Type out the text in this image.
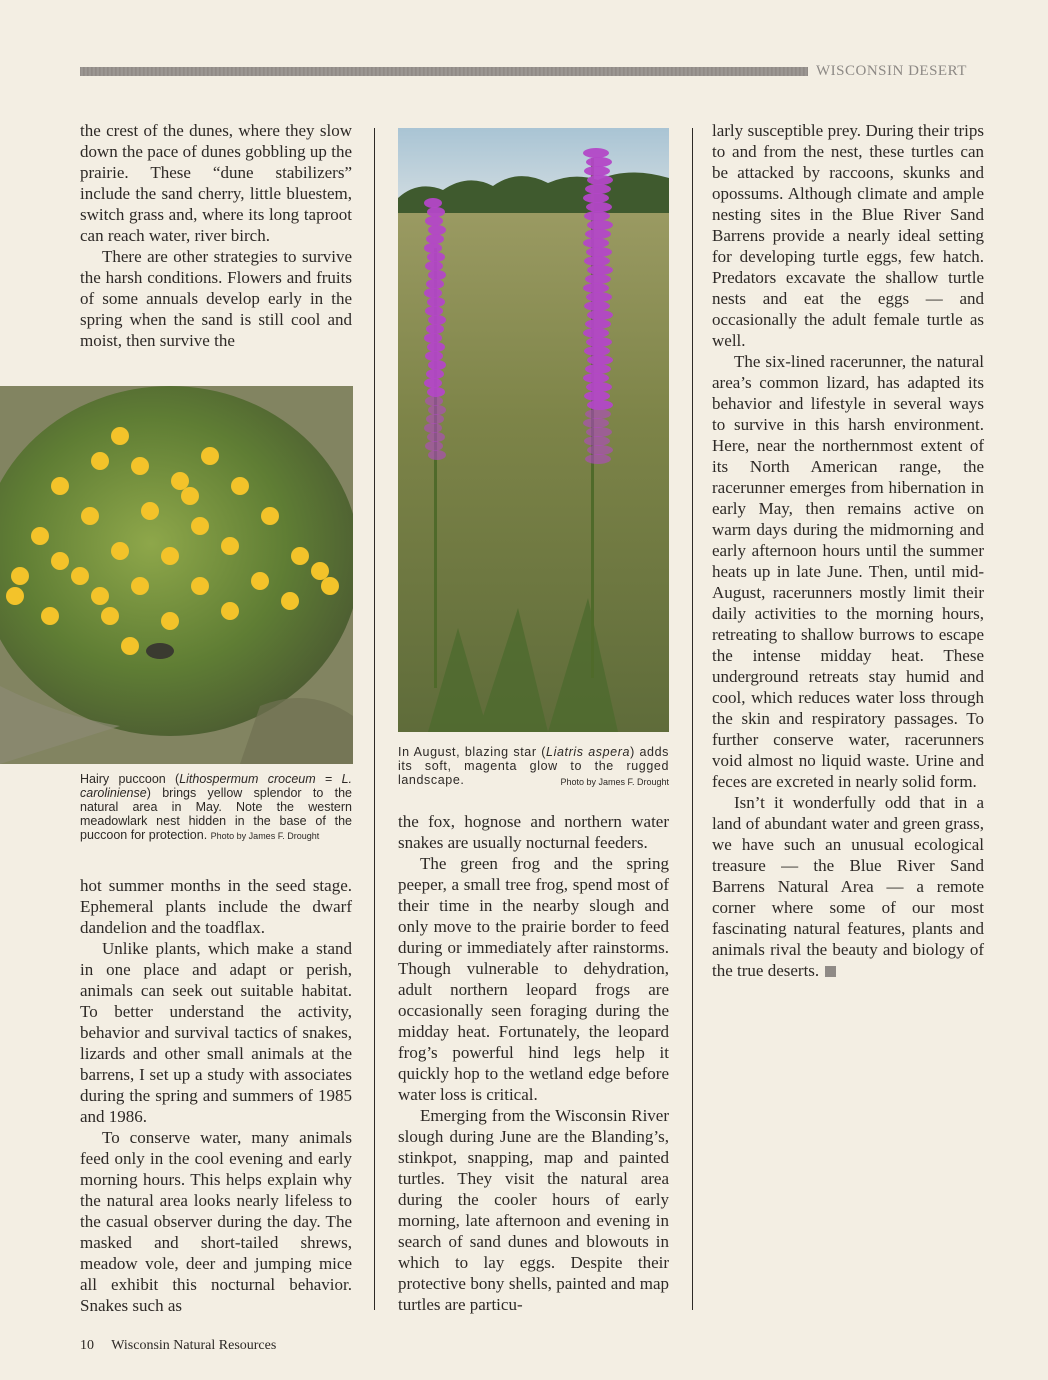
WISCONSIN DESERT

the crest of the dunes, where they slow down the pace of dunes gobbling up the prairie. These “dune stabilizers” include the sand cherry, little bluestem, switch grass and, where its long taproot can reach water, river birch.

There are other strategies to survive the harsh conditions. Flowers and fruits of some annuals develop early in the spring when the sand is still cool and moist, then survive the

Hairy puccoon (Lithospermum croceum = L. caroliniense) brings yellow splendor to the natural area in May. Note the western meadowlark nest hidden in the base of the puccoon for protection. Photo by James F. Drought

hot summer months in the seed stage. Ephemeral plants include the dwarf dandelion and the toadflax.

Unlike plants, which make a stand in one place and adapt or perish, animals can seek out suitable habitat. To better understand the activity, behavior and survival tactics of snakes, lizards and other small animals at the barrens, I set up a study with associates during the spring and summers of 1985 and 1986.

To conserve water, many animals feed only in the cool evening and early morning hours. This helps explain why the natural area looks nearly lifeless to the casual observer during the day. The masked and short-tailed shrews, meadow vole, deer and jumping mice all exhibit this nocturnal behavior. Snakes such as

In August, blazing star (Liatris aspera) adds its soft, magenta glow to the rugged landscape.	Photo by James F. Drought

the fox, hognose and northern water snakes are usually nocturnal feeders.

The green frog and the spring peeper, a small tree frog, spend most of their time in the nearby slough and only move to the prairie border to feed during or immediately after rainstorms. Though vulnerable to dehydration, adult northern leopard frogs are occasionally seen foraging during the midday heat. Fortunately, the leopard frog’s powerful hind legs help it quickly hop to the wetland edge before water loss is critical.

Emerging from the Wisconsin River slough during June are the Blanding’s, stinkpot, snapping, map and painted turtles. They visit the natural area during the cooler hours of early morning, late afternoon and evening in search of sand dunes and blowouts in which to lay eggs. Despite their protective bony shells, painted and map turtles are particu-

larly susceptible prey. During their trips to and from the nest, these turtles can be attacked by raccoons, skunks and opossums. Although climate and ample nesting sites in the Blue River Sand Barrens provide a nearly ideal setting for developing turtle eggs, few hatch. Predators excavate the shallow turtle nests and eat the eggs — and occasionally the adult female turtle as well.

The six-lined racerunner, the natural area’s common lizard, has adapted its behavior and lifestyle in several ways to survive in this harsh environment. Here, near the northernmost extent of its North American range, the racerunner emerges from hibernation in early May, then remains active on warm days during the midmorning and early afternoon hours until the summer heats up in late June. Then, until mid-August, racerunners mostly limit their daily activities to the morning hours, retreating to shallow burrows to escape the intense midday heat. These underground retreats stay humid and cool, which reduces water loss through the skin and respiratory passages. To further conserve water, racerunners void almost no liquid waste. Urine and feces are excreted in nearly solid form.

Isn’t it wonderfully odd that in a land of abundant water and green grass, we have such an unusual ecological treasure — the Blue River Sand Barrens Natural Area — a remote corner where some of our most fascinating natural features, plants and animals rival the beauty and biology of the true deserts.

10 Wisconsin Natural Resources
